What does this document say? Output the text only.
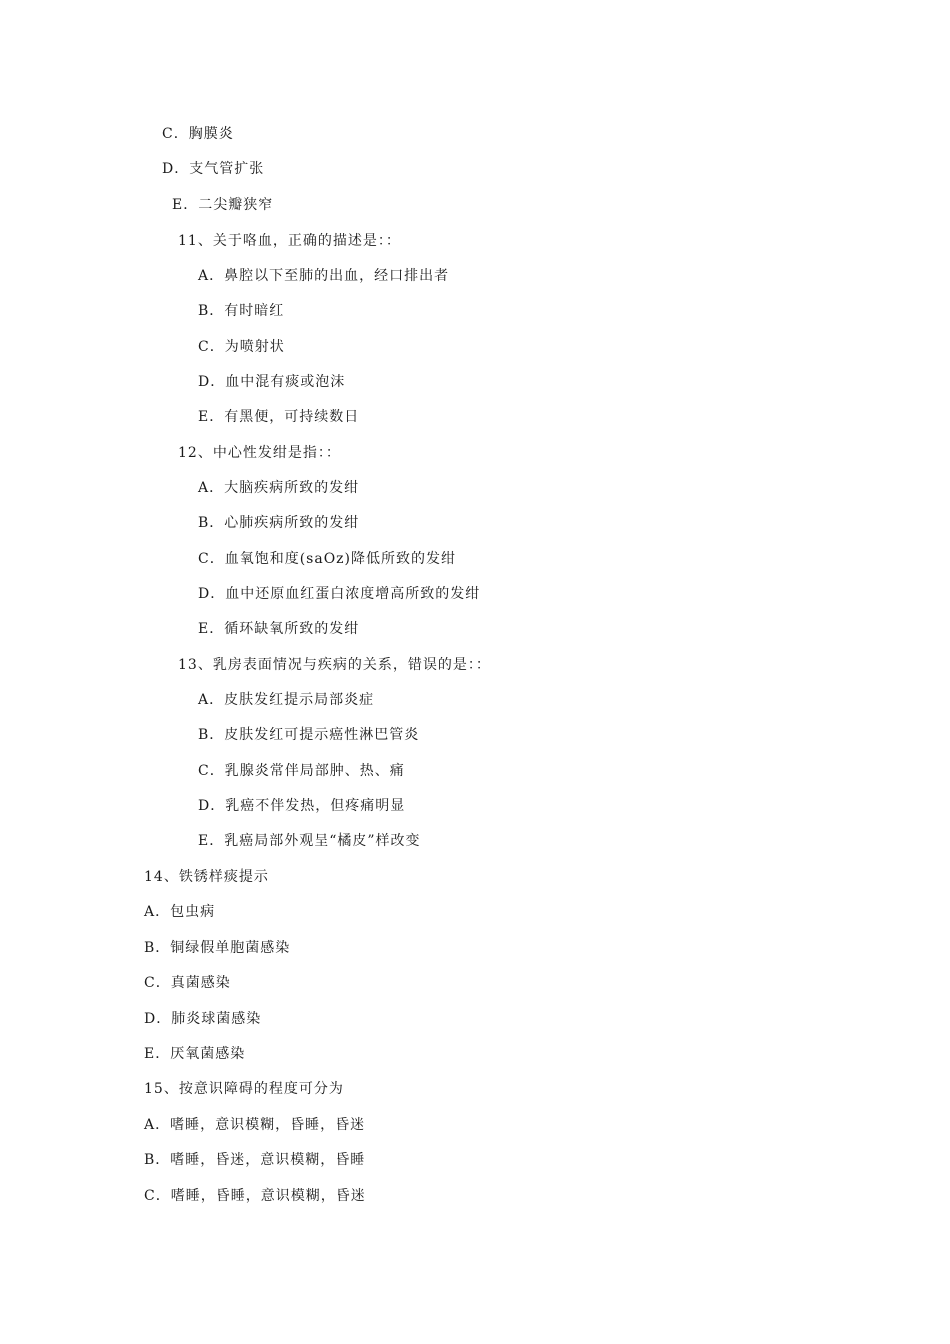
C．胸膜炎
D．支气管扩张
E．二尖瓣狭窄
11、关于咯血，正确的描述是：：
A．鼻腔以下至肺的出血，经口排出者
B．有时暗红
C．为喷射状
D．血中混有痰或泡沫
E．有黑便，可持续数日
12、中心性发绀是指：：
A．大脑疾病所致的发绀
B．心肺疾病所致的发绀
C．血氧饱和度(saOz)降低所致的发绀
D．血中还原血红蛋白浓度增高所致的发绀
E．循环缺氧所致的发绀
13、乳房表面情况与疾病的关系，错误的是：：
A．皮肤发红提示局部炎症
B．皮肤发红可提示癌性淋巴管炎
C．乳腺炎常伴局部肿、热、痛
D．乳癌不伴发热，但疼痛明显
E．乳癌局部外观呈“橘皮”样改变
14、铁锈样痰提示
A．包虫病
B．铜绿假单胞菌感染
C．真菌感染
D．肺炎球菌感染
E．厌氧菌感染
15、按意识障碍的程度可分为
A．嗜睡，意识模糊，昏睡，昏迷
B．嗜睡，昏迷，意识模糊，昏睡
C．嗜睡，昏睡，意识模糊，昏迷
